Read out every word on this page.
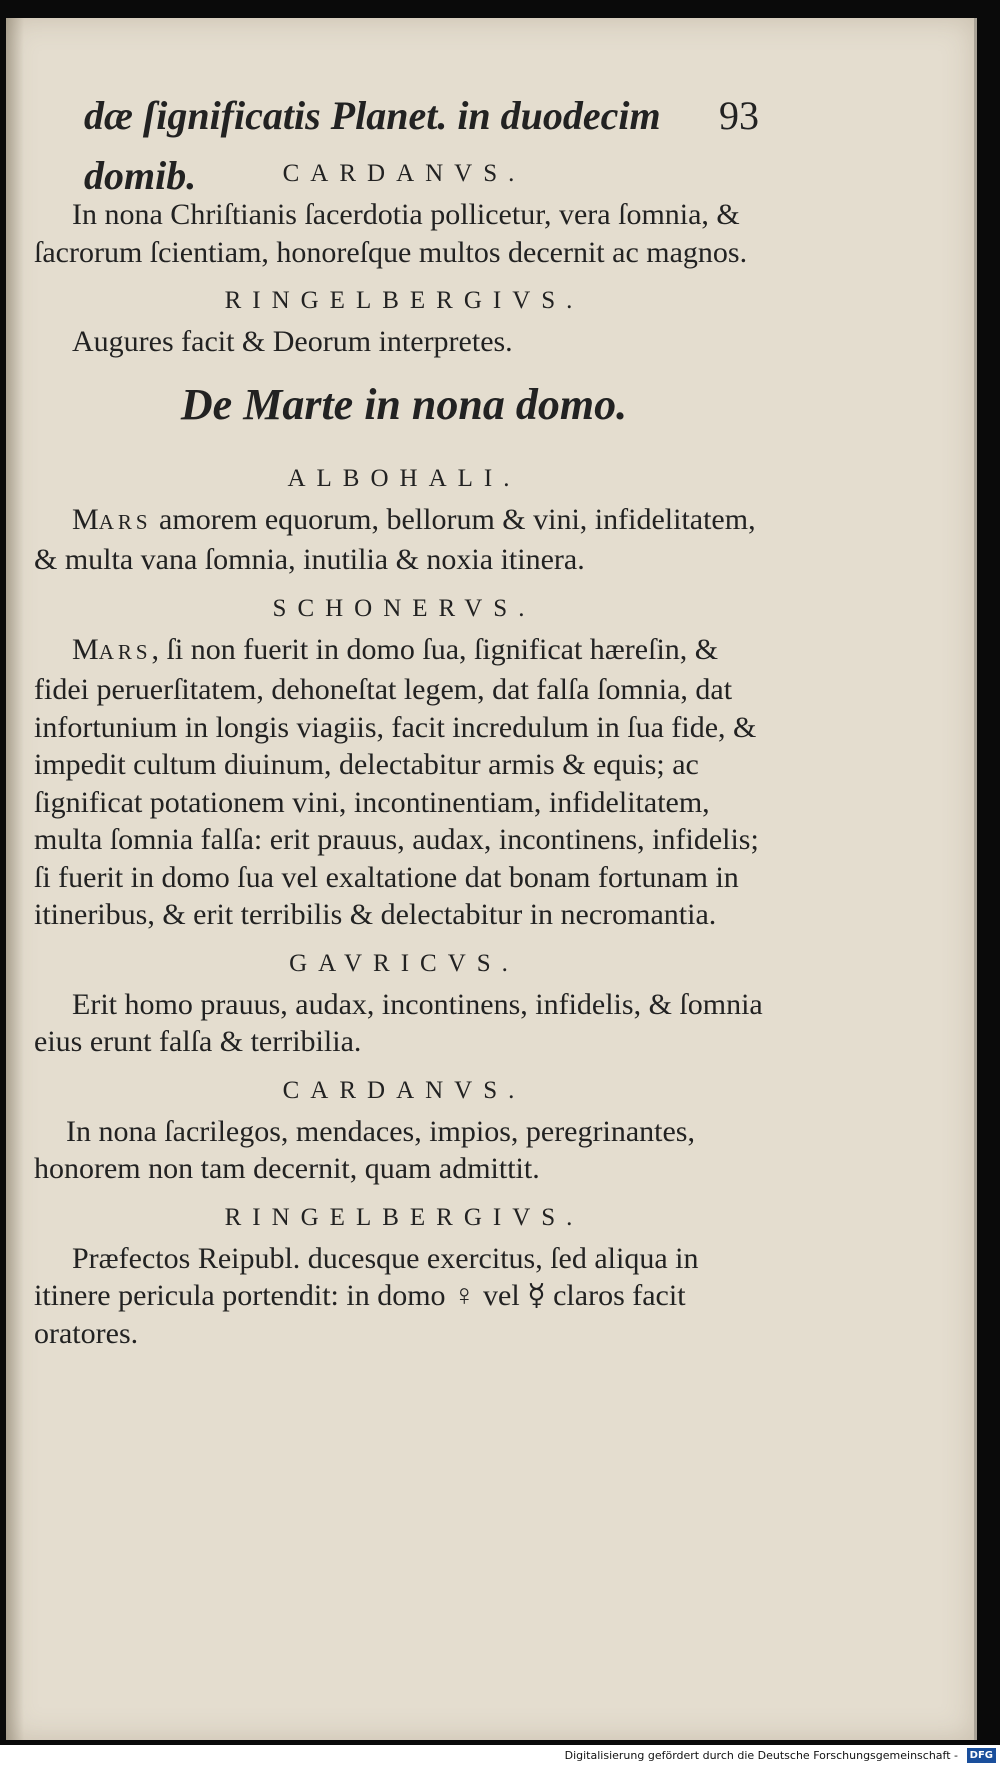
dæ ſignificatis Planet. in duodecim domib.
93
CARDANVS.

In nona Chriſtianis ſacerdotia pollicetur, vera ſomnia, & ſacrorum ſcientiam, honoreſque multos decernit ac magnos.

RINGELBERGIVS.

Augures facit & Deorum interpretes.

De Marte in nona domo.
ALBOHALI.

MARS amorem equorum, bellorum & vini, infidelitatem, & multa vana ſomnia, inutilia & noxia itinera.

SCHONERVS.

MARS, ſi non fuerit in domo ſua, ſignificat hæreſin, & fidei peruerſitatem, dehoneſtat legem, dat falſa ſomnia, dat infortunium in longis viagiis, facit incredulum in ſua fide, & impedit cultum diuinum, delectabitur armis & equis; ac ſignificat potationem vini, incontinentiam, infidelitatem, multa ſomnia falſa: erit prauus, audax, incontinens, infidelis; ſi fuerit in domo ſua vel exaltatione dat bonam fortunam in itineribus, & erit terribilis & delectabitur in necromantia.

GAVRICVS.

Erit homo prauus, audax, incontinens, infidelis, & ſomnia eius erunt falſa & terribilia.

CARDANVS.

In nona ſacrilegos, mendaces, impios, peregrinantes, honorem non tam decernit, quam admittit.

RINGELBERGIVS.

Præfectos Reipubl. ducesque exercitus, ſed aliqua in itinere pericula portendit: in domo ♀ vel ☿ claros facit oratores.

Digitalisierung gefördert durch die Deutsche Forschungsgemeinschaft -	DFG
